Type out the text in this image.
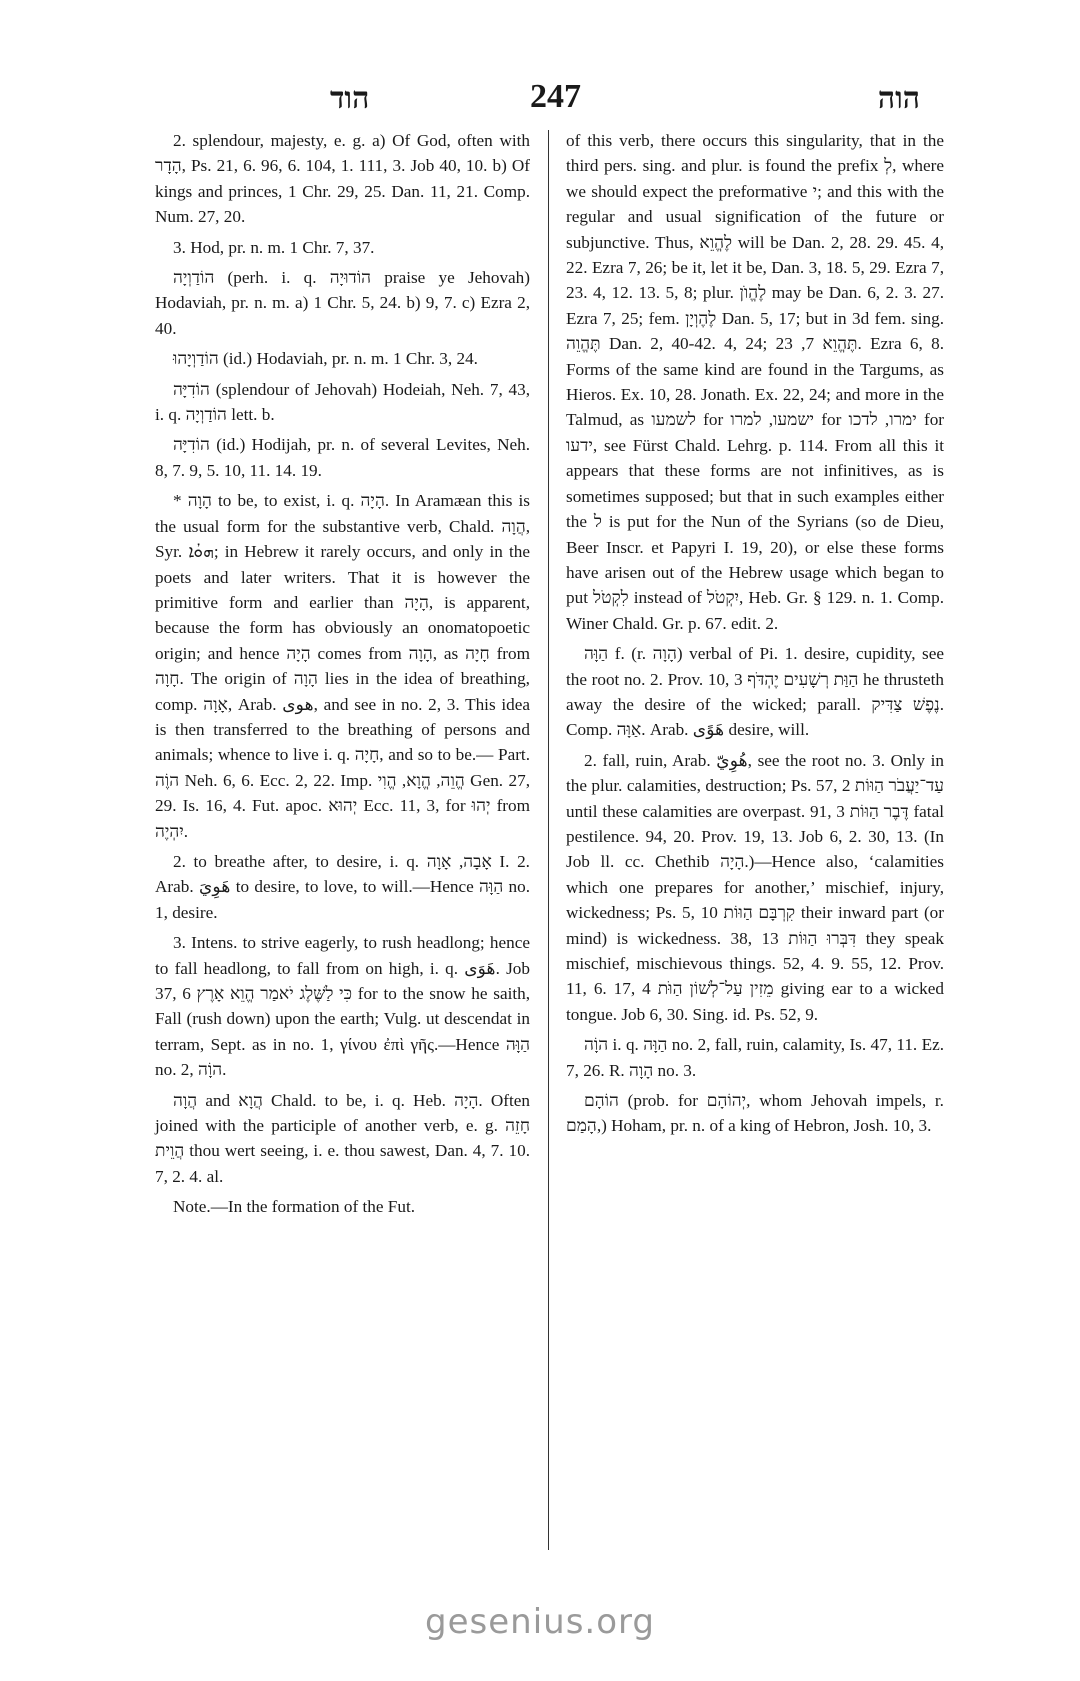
הוד	247	הוה

2. splendour, majesty, e. g. a) Of God, often with הָדָר, Ps. 21, 6. 96, 6. 104, 1. 111, 3. Job 40, 10. b) Of kings and princes, 1 Chr. 29, 25. Dan. 11, 21. Comp. Num. 27, 20.

3. Hod, pr. n. m. 1 Chr. 7, 37.

הוֹדַוְיָה (perh. i. q. הוֹדוּיָה praise ye Jehovah) Hodaviah, pr. n. m. a) 1 Chr. 5, 24. b) 9, 7. c) Ezra 2, 40.

הוֹדַוְיָהוּ (id.) Hodaviah, pr. n. m. 1 Chr. 3, 24.

הוֹדִיָּה (splendour of Jehovah) Hodeiah, Neh. 7, 43, i. q. הוֹדַוְיָה lett. b.

הוֹדִיָּה (id.) Hodijah, pr. n. of several Levites, Neh. 8, 7. 9, 5. 10, 11. 14. 19.

* הָוָה to be, to exist, i. q. הָיָה. In Aramæan this is the usual form for the substantive verb, Chald. הֲוָה, Syr. ܗܘܳܐ; in Hebrew it rarely occurs, and only in the poets and later writers. That it is however the primitive form and earlier than הָיָה, is apparent, because the form has obviously an onomatopoetic origin; and hence הָיָה comes from הָוָה, as חָיָה from חָוָה. The origin of הָוָה lies in the idea of breathing, comp. אָוָה, Arab. هوى, and see in no. 2, 3. This idea is then transferred to the breathing of persons and animals; whence to live i. q. חָיָה, and so to be.— Part. הוֶֹה Neh. 6, 6. Ecc. 2, 22. Imp. הֱוֵה, הֱוָא, הֱוִי Gen. 27, 29. Is. 16, 4. Fut. apoc. יְהוּא Ecc. 11, 3, for יְהוּ from יִהְיֶה.

2. to breathe after, to desire, i. q. אָבָה, אָוָה I. 2. Arab. هَوِيَ to desire, to love, to will.—Hence הַוָּה no. 1, desire.

3. Intens. to strive eagerly, to rush headlong; hence to fall headlong, to fall from on high, i. q. هَوَى. Job 37, 6 כִּי לַשֶּׁלֶג יֹאמַר הֱוֵא אָרֶץ for to the snow he saith, Fall (rush down) upon the earth; Vulg. ut descendat in terram, Sept. as in no. 1, γίνου ἐπὶ γῆς.—Hence הַוָּה no. 2, הוָֹה.

הֲוָה and הֲוָא Chald. to be, i. q. Heb. הָיָה. Often joined with the participle of another verb, e. g. חָזֵה הֲוֵית thou wert seeing, i. e. thou sawest, Dan. 4, 7. 10. 7, 2. 4. al.

Note.—In the formation of the Fut.

of this verb, there occurs this singularity, that in the third pers. sing. and plur. is found the prefix לְ, where we should expect the preformative י; and this with the regular and usual signification of the future or subjunctive. Thus, לֶהֱוֵא will be Dan. 2, 28. 29. 45. 4, 22. Ezra 7, 26; be it, let it be, Dan. 3, 18. 5, 29. Ezra 7, 23. 4, 12. 13. 5, 8; plur. לֶהֱוֺן may be Dan. 6, 2. 3. 27. Ezra 7, 25; fem. לֶהֶוְיָן Dan. 5, 17; but in 3d fem. sing. תֶּהֱוֵה Dan. 2, 40-42. 4, 24; תֶּהֱוֵא 7, 23. Ezra 6, 8. Forms of the same kind are found in the Targums, as Hieros. Ex. 10, 28. Jonath. Ex. 22, 24; and more in the Talmud, as לשמעו for ישמעו, למרו for ימרו, לדכו for ידעו, see Fürst Chald. Lehrg. p. 114. From all this it appears that these forms are not infinitives, as is sometimes supposed; but that in such examples either the ל is put for the Nun of the Syrians (so de Dieu, Beer Inscr. et Papyri I. 19, 20), or else these forms have arisen out of the Hebrew usage which began to put לִקְטֹל instead of יִקְטֹל, Heb. Gr. § 129. n. 1. Comp. Winer Chald. Gr. p. 67. edit. 2.

הַוָּה f. (r. הָוָה) verbal of Pi. 1. desire, cupidity, see the root no. 2. Prov. 10, 3 הַוַּת רְשָׁעִים יֶהְדֹּף he thrusteth away the desire of the wicked; parall. נֶפֶשׁ צַדִּיק. Comp. אַוָּה. Arab. هَوًى desire, will.

2. fall, ruin, Arab. هُوِيّ, see the root no. 3. Only in the plur. calamities, destruction; Ps. 57, 2 עַד־יַעֲבֹר הַוּוֹת until these calamities are overpast. 91, 3 דֶּבֶר הַוּוֹת fatal pestilence. 94, 20. Prov. 19, 13. Job 6, 2. 30, 13. (In Job ll. cc. Chethib הָיָה.)—Hence also, ‘calamities which one prepares for another,’ mischief, injury, wickedness; Ps. 5, 10 קִרְבָּם הַוּוֹת their inward part (or mind) is wickedness. 38, 13 דִּבְּרוּ הַוּוֹת they speak mischief, mischievous things. 52, 4. 9. 55, 12. Prov. 11, 6. 17, 4 מֵזִין עַל־לְשׁוֹן הַוֹּת giving ear to a wicked tongue. Job 6, 30. Sing. id. Ps. 52, 9.

הוָֹה i. q. הַוָּה no. 2, fall, ruin, calamity, Is. 47, 11. Ez. 7, 26. R. הָוָה no. 3.

הוֹהָם (prob. for יְהוֹהָם, whom Jehovah impels, r. הָמַם,) Hoham, pr. n. of a king of Hebron, Josh. 10, 3.

gesenius.org
